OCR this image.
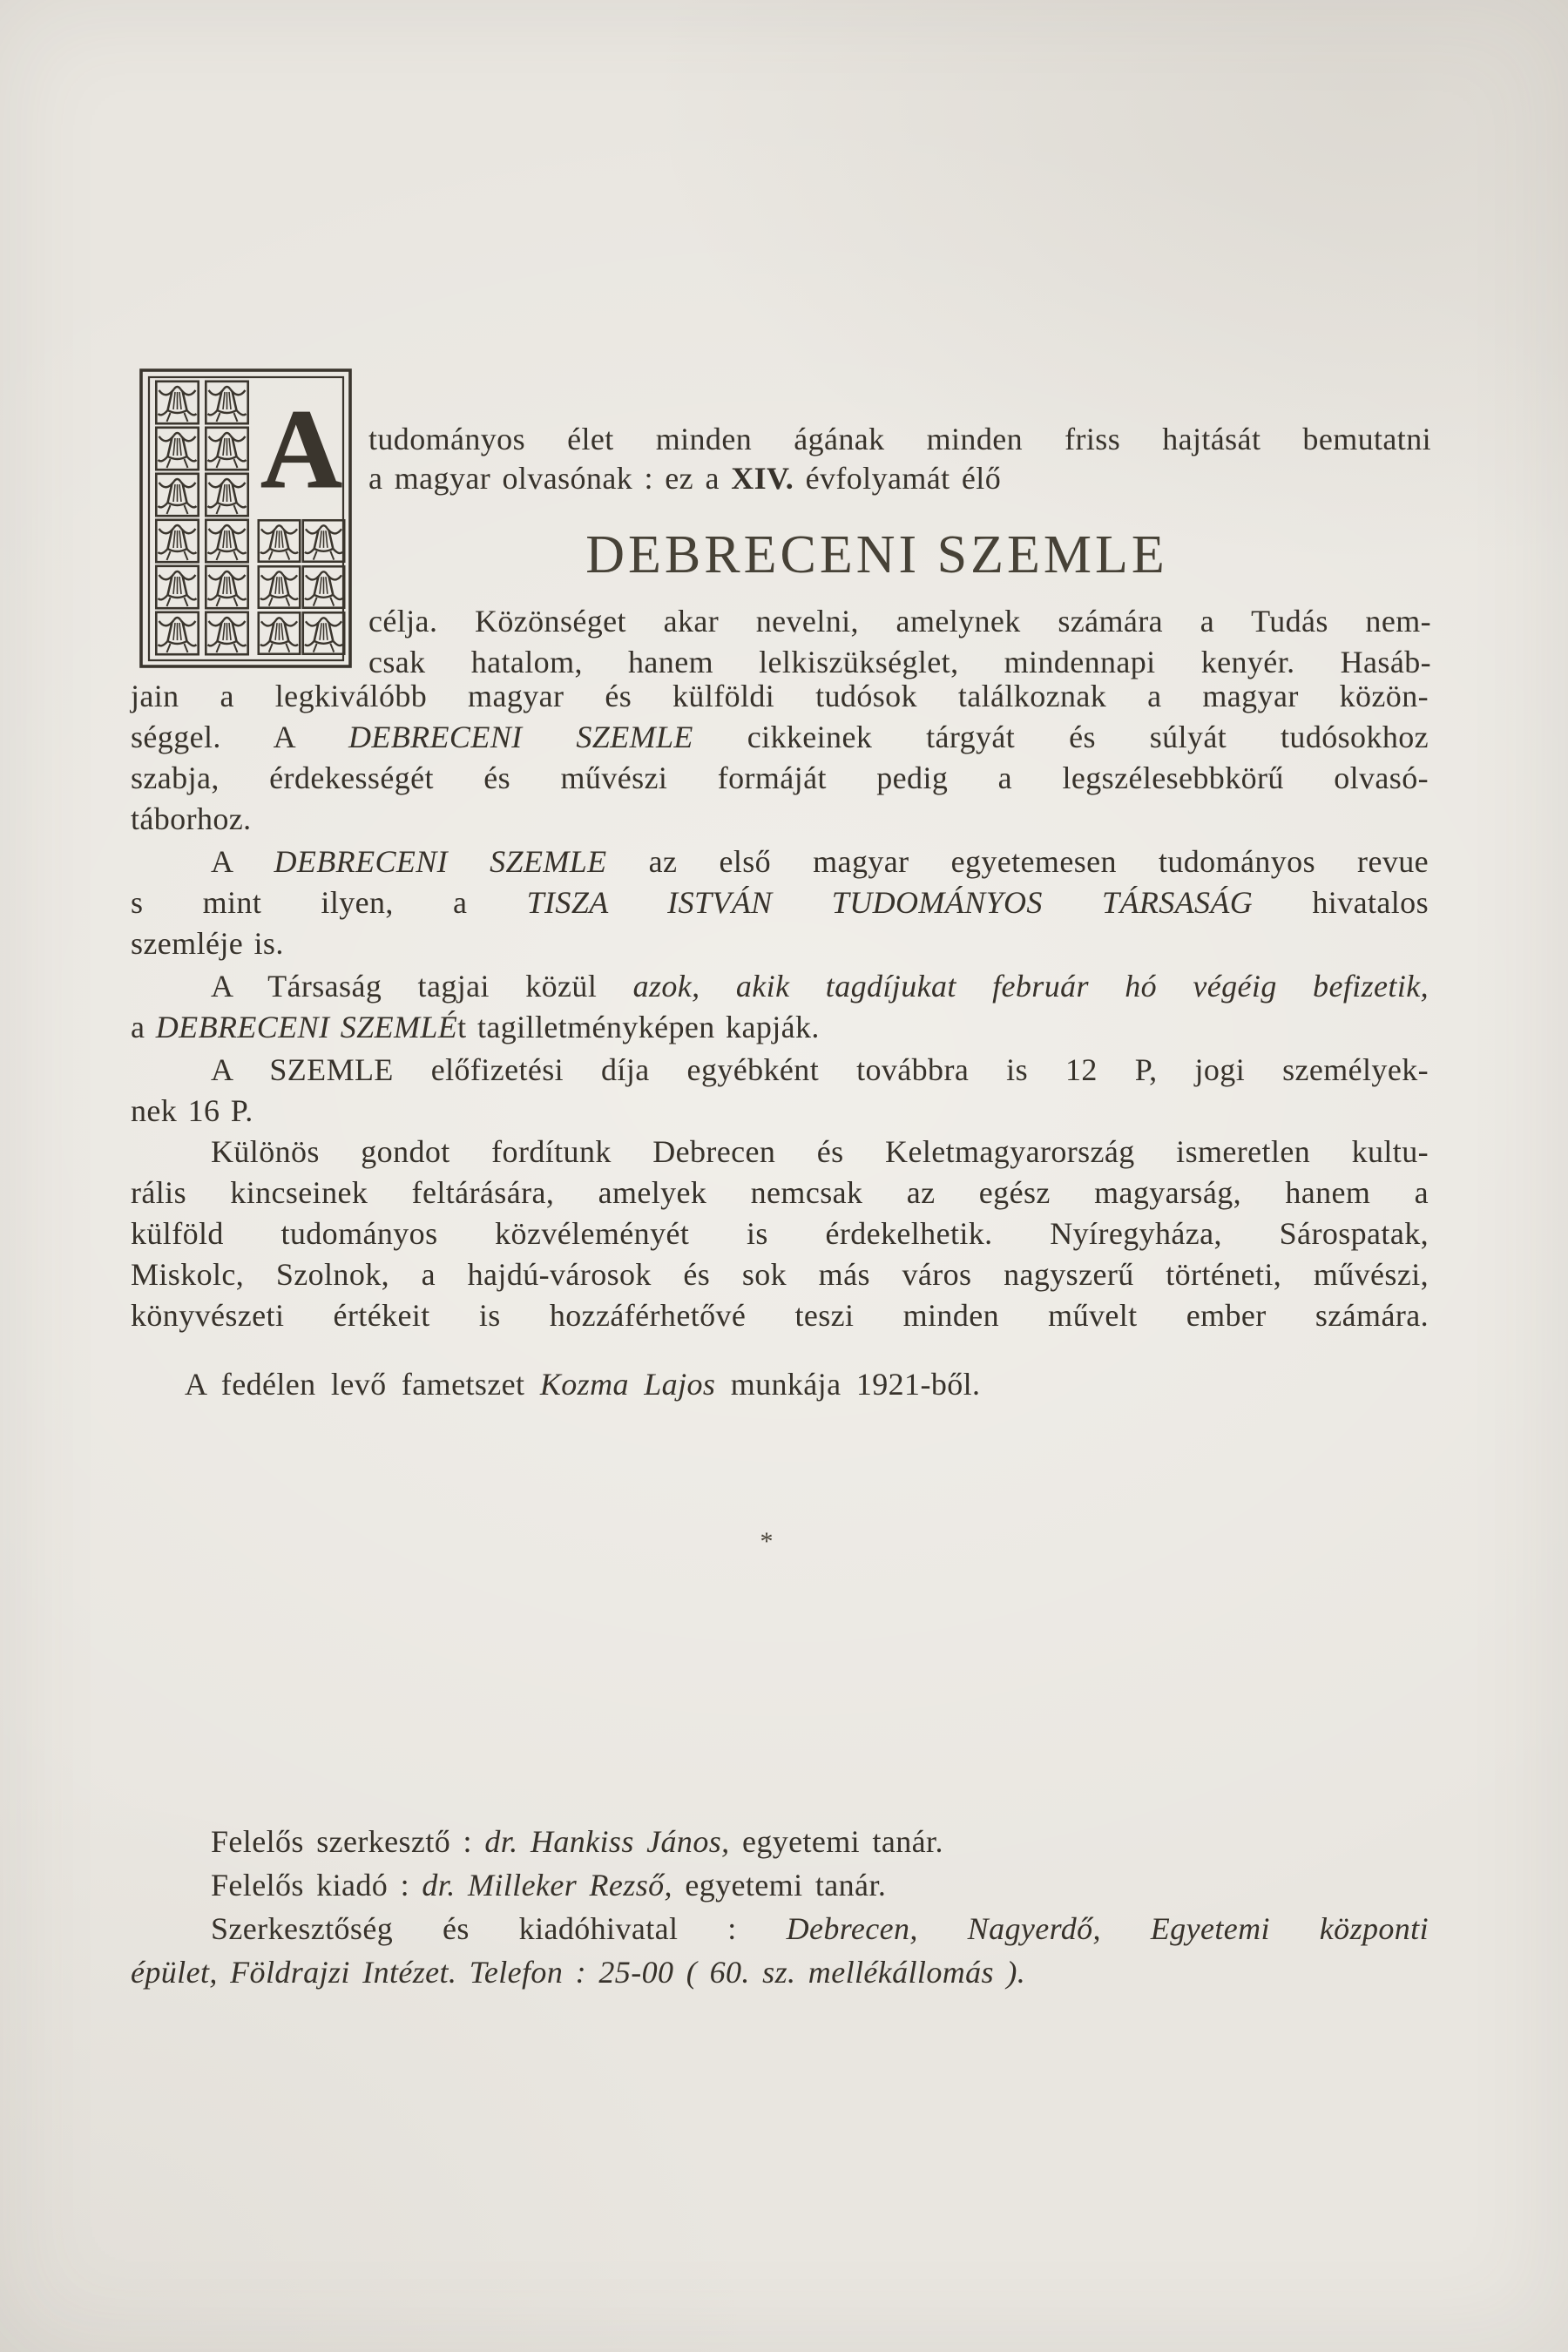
A tudományos élet minden ágának minden friss hajtását bemutatni
a magyar olvasónak : ez a XIV. évfolyamát élő
DEBRECENI SZEMLE
célja. Közönséget akar nevelni, amelynek számára a Tudás nem-
csak hatalom, hanem lelkiszükséglet, mindennapi kenyér. Hasáb-
jain a legkiválóbb magyar és külföldi tudósok találkoznak a magyar közön-
séggel. A DEBRECENI SZEMLE cikkeinek tárgyát és súlyát tudósokhoz
szabja, érdekességét és művészi formáját pedig a legszélesebbkörű olvasó-
táborhoz.
A DEBRECENI SZEMLE az első magyar egyetemesen tudományos revue
s mint ilyen, a TISZA ISTVÁN TUDOMÁNYOS TÁRSASÁG hivatalos
szemléje is.
A Társaság tagjai közül azok, akik tagdíjukat február hó végéig befizetik,
a DEBRECENI SZEMLÉt tagilletményképen kapják.
A SZEMLE előfizetési díja egyébként továbbra is 12 P, jogi személyek-
nek 16 P.
Különös gondot fordítunk Debrecen és Keletmagyarország ismeretlen kultu-
rális kincseinek feltárására, amelyek nemcsak az egész magyarság, hanem a
külföld tudományos közvéleményét is érdekelhetik. Nyíregyháza, Sárospatak,
Miskolc, Szolnok, a hajdú-városok és sok más város nagyszerű történeti, művészi,
könyvészeti értékeit is hozzáférhetővé teszi minden művelt ember számára.
A fedélen levő fametszet Kozma Lajos munkája 1921-ből.
*
Felelős szerkesztő : dr. Hankiss János, egyetemi tanár.
Felelős kiadó : dr. Milleker Rezső, egyetemi tanár.
Szerkesztőség és kiadóhivatal : Debrecen, Nagyerdő, Egyetemi központi
épület, Földrajzi Intézet. Telefon : 25-00 ( 60. sz. mellékállomás ).
